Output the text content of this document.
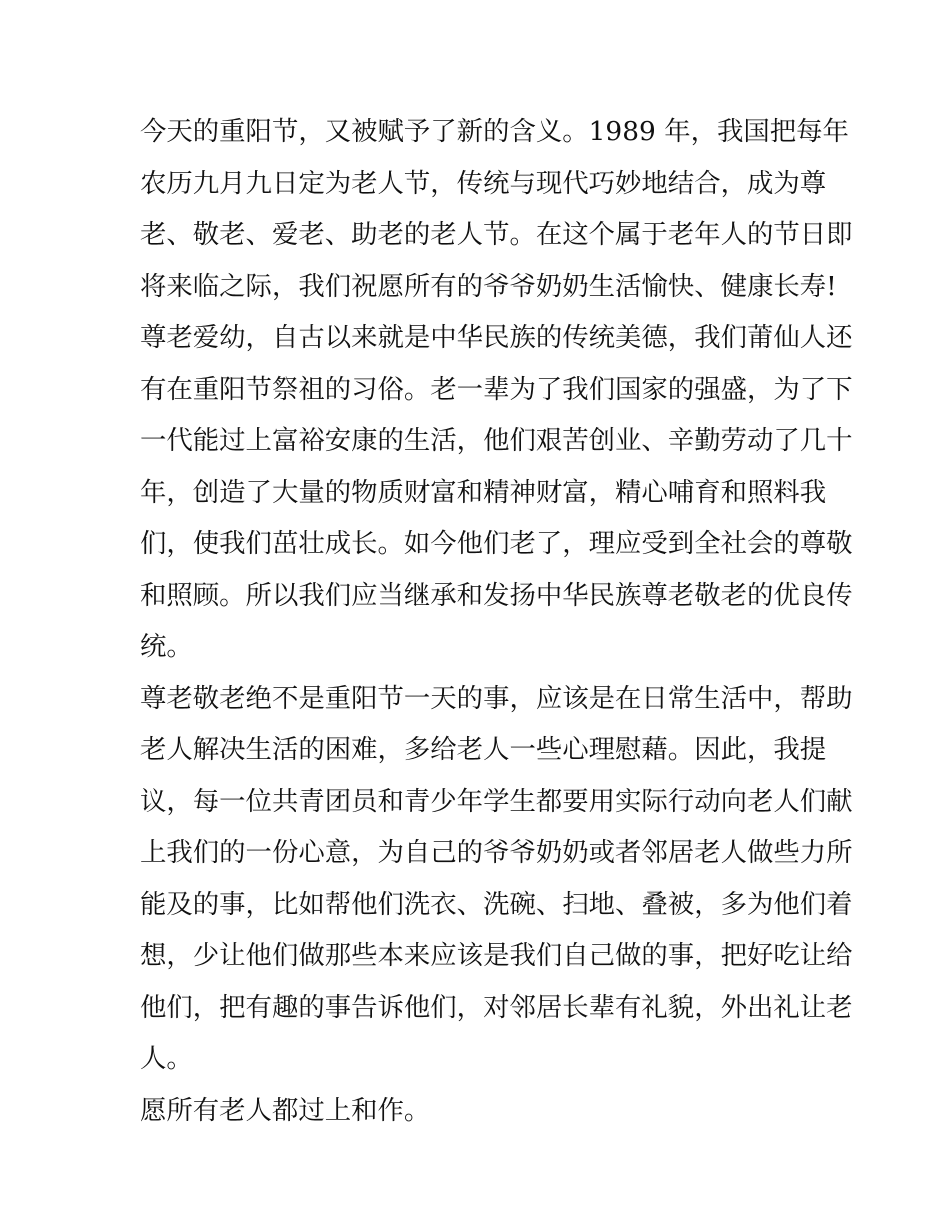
今天的重阳节，又被赋予了新的含义。1989 年，我国把每年
农历九月九日定为老人节，传统与现代巧妙地结合，成为尊
老、敬老、爱老、助老的老人节。在这个属于老年人的节日即
将来临之际，我们祝愿所有的爷爷奶奶生活愉快、健康长寿!
尊老爱幼，自古以来就是中华民族的传统美德，我们莆仙人还
有在重阳节祭祖的习俗。老一辈为了我们国家的强盛，为了下
一代能过上富裕安康的生活，他们艰苦创业、辛勤劳动了几十
年，创造了大量的物质财富和精神财富，精心哺育和照料我
们，使我们茁壮成长。如今他们老了，理应受到全社会的尊敬
和照顾。所以我们应当继承和发扬中华民族尊老敬老的优良传
统。
尊老敬老绝不是重阳节一天的事，应该是在日常生活中，帮助
老人解决生活的困难，多给老人一些心理慰藉。因此，我提
议，每一位共青团员和青少年学生都要用实际行动向老人们献
上我们的一份心意，为自己的爷爷奶奶或者邻居老人做些力所
能及的事，比如帮他们洗衣、洗碗、扫地、叠被，多为他们着
想，少让他们做那些本来应该是我们自己做的事，把好吃让给
他们，把有趣的事告诉他们，对邻居长辈有礼貌，外出礼让老
人。
愿所有老人都过上和作。
